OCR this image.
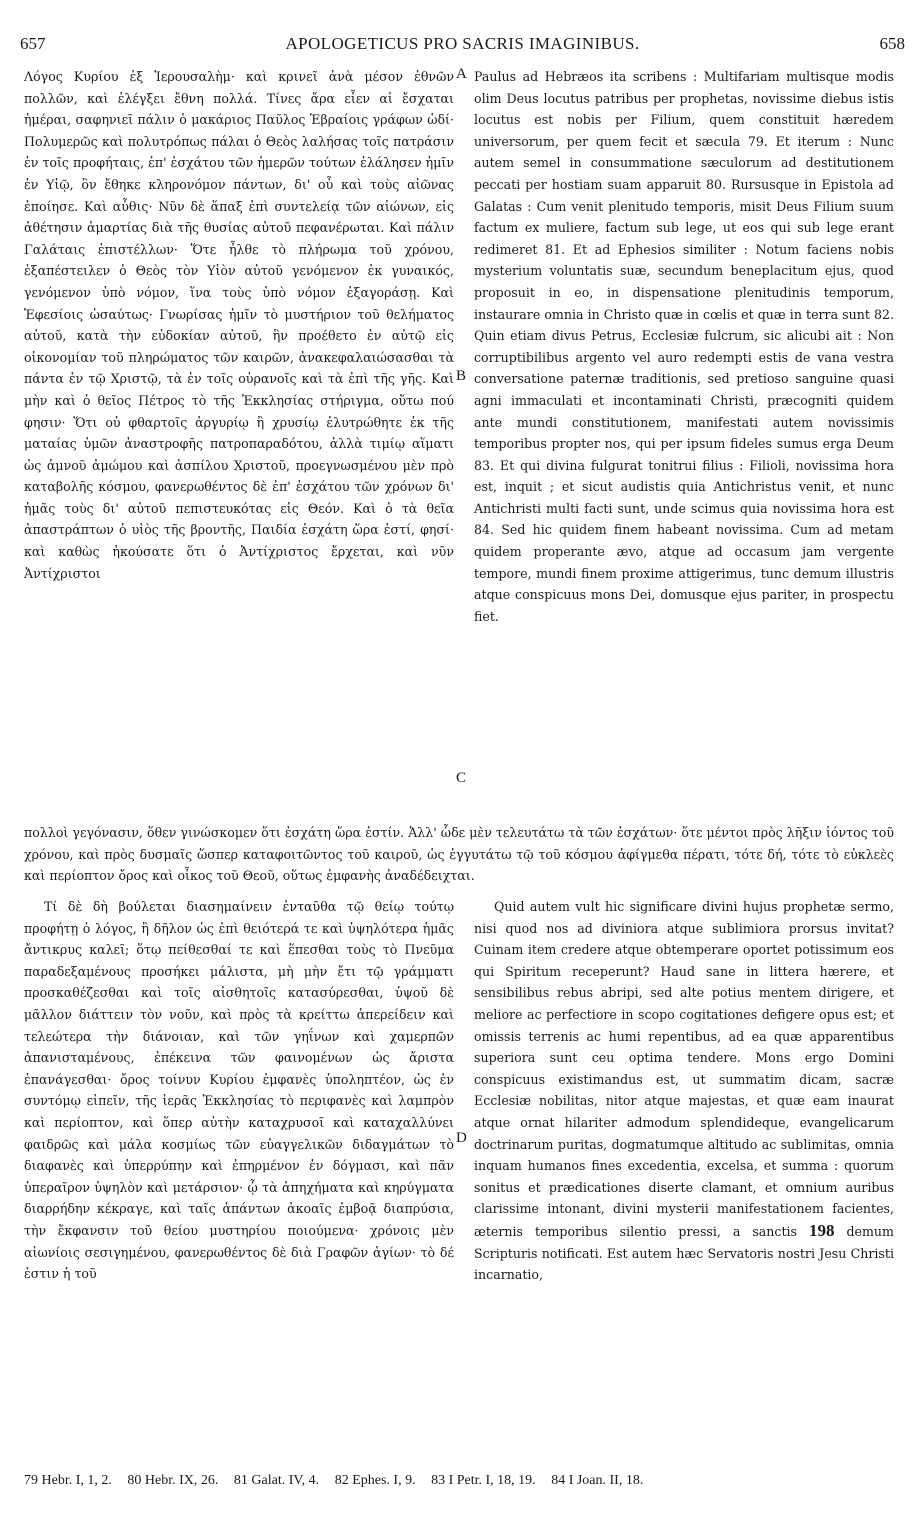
657	APOLOGETICUS PRO SACRIS IMAGINIBUS.	658

Λόγος Κυρίου ἐξ Ἱερουσαλὴμ· καὶ κρινεῖ ἀνὰ μέσον ἐθνῶν πολλῶν, καὶ ἐλέγξει ἔθνη πολλά. Τίνες ἄρα εἶεν αἱ ἔσχαται ἡμέραι, σαφηνιεῖ πάλιν ὁ μακάριος Παῦλος Ἑβραίοις γράφων ὡδί· Πολυμερῶς καὶ πολυτρόπως πάλαι ὁ Θεὸς λαλήσας τοῖς πατράσιν ἐν τοῖς προφήταις, ἐπ' ἐσχάτου τῶν ἡμερῶν τούτων ἐλάλησεν ἡμῖν ἐν Υἱῷ, ὃν ἔθηκε κληρονόμον πάντων, δι' οὗ καὶ τοὺς αἰῶνας ἐποίησε. Καὶ αὖθις· Νῦν δὲ ἅπαξ ἐπὶ συντελείᾳ τῶν αἰώνων, εἰς ἀθέτησιν ἁμαρτίας διὰ τῆς θυσίας αὐτοῦ πεφανέρωται. Καὶ πάλιν Γαλάταις ἐπιστέλλων· Ὅτε ἦλθε τὸ πλήρωμα τοῦ χρόνου, ἐξαπέστειλεν ὁ Θεὸς τὸν Υἱὸν αὐτοῦ γενόμενον ἐκ γυναικός, γενόμενον ὑπὸ νόμον, ἵνα τοὺς ὑπὸ νόμον ἐξαγοράσῃ. Καὶ Ἐφεσίοις ὡσαύτως· Γνωρίσας ἡμῖν τὸ μυστήριον τοῦ θελήματος αὐτοῦ, κατὰ τὴν εὐδοκίαν αὐτοῦ, ἣν προέθετο ἐν αὐτῷ εἰς οἰκονομίαν τοῦ πληρώματος τῶν καιρῶν, ἀνακεφαλαιώσασθαι τὰ πάντα ἐν τῷ Χριστῷ, τὰ ἐν τοῖς οὐρανοῖς καὶ τὰ ἐπὶ τῆς γῆς. Καὶ μὴν καὶ ὁ θεῖος Πέτρος τὸ τῆς Ἐκκλησίας στήριγμα, οὕτω πού φησιν· Ὅτι οὐ φθαρτοῖς ἀργυρίῳ ἢ χρυσίῳ ἐλυτρώθητε ἐκ τῆς ματαίας ὑμῶν ἀναστροφῆς πατροπαραδότου, ἀλλὰ τιμίῳ αἵματι ὡς ἀμνοῦ ἀμώμου καὶ ἀσπίλου Χριστοῦ, προεγνωσμένου μὲν πρὸ καταβολῆς κόσμου, φανερωθέντος δὲ ἐπ' ἐσχάτου τῶν χρόνων δι' ἡμᾶς τοὺς δι' αὐτοῦ πεπιστευκότας εἰς Θεόν. Καὶ ὁ τὰ θεῖα ἀπαστράπτων ὁ υἱὸς τῆς βροντῆς, Παιδία ἐσχάτη ὥρα ἐστί, φησί· καὶ καθὼς ἠκούσατε ὅτι ὁ Ἀντίχριστος ἔρχεται, καὶ νῦν Ἀντίχριστοι

A
B
C
D

Paulus ad Hebræos ita scribens : Multifariam multisque modis olim Deus locutus patribus per prophetas, novissime diebus istis locutus est nobis per Filium, quem constituit hæredem universorum, per quem fecit et sæcula 79. Et iterum : Nunc autem semel in consummatione sæculorum ad destitutionem peccati per hostiam suam apparuit 80. Rursusque in Epistola ad Galatas : Cum venit plenitudo temporis, misit Deus Filium suum factum ex muliere, factum sub lege, ut eos qui sub lege erant redimeret 81. Et ad Ephesios similiter : Notum faciens nobis mysterium voluntatis suæ, secundum beneplacitum ejus, quod proposuit in eo, in dispensatione plenitudinis temporum, instaurare omnia in Christo quæ in cœlis et quæ in terra sunt 82. Quin etiam divus Petrus, Ecclesiæ fulcrum, sic alicubi ait : Non corruptibilibus argento vel auro redempti estis de vana vestra conversatione paternæ traditionis, sed pretioso sanguine quasi agni immaculati et incontaminati Christi, præcogniti quidem ante mundi constitutionem, manifestati autem novissimis temporibus propter nos, qui per ipsum fideles sumus erga Deum 83. Et qui divina fulgurat tonitrui filius : Filioli, novissima hora est, inquit ; et sicut audistis quia Antichristus venit, et nunc Antichristi multi facti sunt, unde scimus quia novissima hora est 84. Sed hic quidem finem habeant novissima. Cum ad metam quidem properante ævo, atque ad occasum jam vergente tempore, mundi finem proxime attigerimus, tunc demum illustris atque conspicuus mons Dei, domusque ejus pariter, in prospectu fiet.

πολλοὶ γεγόνασιν, ὅθεν γινώσκομεν ὅτι ἐσχάτη ὥρα ἐστίν. Ἀλλ' ὧδε μὲν τελευτάτω τὰ τῶν ἐσχάτων· ὅτε μέντοι πρὸς λῆξιν ἰόντος τοῦ χρόνου, καὶ πρὸς δυσμαῖς ὥσπερ καταφοιτῶντος τοῦ καιροῦ, ὡς ἐγγυτάτω τῷ τοῦ κόσμου ἀφίγμεθα πέρατι, τότε δή, τότε τὸ εὐκλεὲς καὶ περίοπτον ὄρος καὶ οἶκος τοῦ Θεοῦ, οὕτως ἐμφανὴς ἀναδέδειχται.

Τί δὲ δὴ βούλεται διασημαίνειν ἐνταῦθα τῷ θείῳ τούτῳ προφήτῃ ὁ λόγος, ἢ δῆλον ὡς ἐπὶ θειότερά τε καὶ ὑψηλότερα ἡμᾶς ἄντικρυς καλεῖ; ὅτῳ πείθεσθαί τε καὶ ἕπεσθαι τοὺς τὸ Πνεῦμα παραδεξαμένους προσήκει μάλιστα, μὴ μὴν ἔτι τῷ γράμματι προσκαθέζεσθαι καὶ τοῖς αἰσθητοῖς κατασύρεσθαι, ὑψοῦ δὲ μᾶλλον διάττειν τὸν νοῦν, καὶ πρὸς τὰ κρείττω ἀπερείδειν καὶ τελεώτερα τὴν διάνοιαν, καὶ τῶν γηΐνων καὶ χαμερπῶν ἀπανισταμένους, ἐπέκεινα τῶν φαινομένων ὡς ἄριστα ἐπανάγεσθαι· ὄρος τοίνυν Κυρίου ἐμφανὲς ὑποληπτέον, ὡς ἐν συντόμῳ εἰπεῖν, τῆς ἱερᾶς Ἐκκλησίας τὸ περιφανὲς καὶ λαμπρὸν καὶ περίοπτον, καὶ ὅπερ αὐτὴν καταχρυσοῖ καὶ καταχαλλύνει φαιδρῶς καὶ μάλα κοσμίως τῶν εὐαγγελικῶν διδαγμάτων τὸ διαφανὲς καὶ ὑπερρύπην καὶ ἐπηρμένον ἐν δόγμασι, καὶ πᾶν ὑπεραῖρον ὑψηλὸν καὶ μετάρσιον· ᾧ τὰ ἀπηχήματα καὶ κηρύγματα διαρρήδην κέκραγε, καὶ ταῖς ἁπάντων ἀκοαῖς ἐμβοᾷ διαπρύσια, τὴν ἔκφανσιν τοῦ θείου μυστηρίου ποιούμενα· χρόνοις μὲν αἰωνίοις σεσιγημένου, φανερωθέντος δὲ διὰ Γραφῶν ἁγίων· τὸ δέ ἐστιν ἡ τοῦ

Quid autem vult hic significare divini hujus prophetæ sermo, nisi quod nos ad diviniora atque sublimiora prorsus invitat? Cuinam item credere atque obtemperare oportet potissimum eos qui Spiritum receperunt? Haud sane in littera hærere, et sensibilibus rebus abripi, sed alte potius mentem dirigere, et meliore ac perfectiore in scopo cogitationes defigere opus est; et omissis terrenis ac humi repentibus, ad ea quæ apparentibus superiora sunt ceu optima tendere. Mons ergo Domini conspicuus existimandus est, ut summatim dicam, sacræ Ecclesiæ nobilitas, nitor atque majestas, et quæ eam inaurat atque ornat hilariter admodum splendideque, evangelicarum doctrinarum puritas, dogmatumque altitudo ac sublimitas, omnia inquam humanos fines excedentia, excelsa, et summa : quorum sonitus et prædicationes diserte clamant, et omnium auribus clarissime intonant, divini mysterii manifestationem facientes, æternis temporibus silentio pressi, a sanctis 198 demum Scripturis notificati. Est autem hæc Servatoris nostri Jesu Christi incarnatio,

79 Hebr. I, 1, 2. 80 Hebr. IX, 26. 81 Galat. IV, 4. 82 Ephes. I, 9. 83 I Petr. I, 18, 19. 84 I Joan. II, 18.
